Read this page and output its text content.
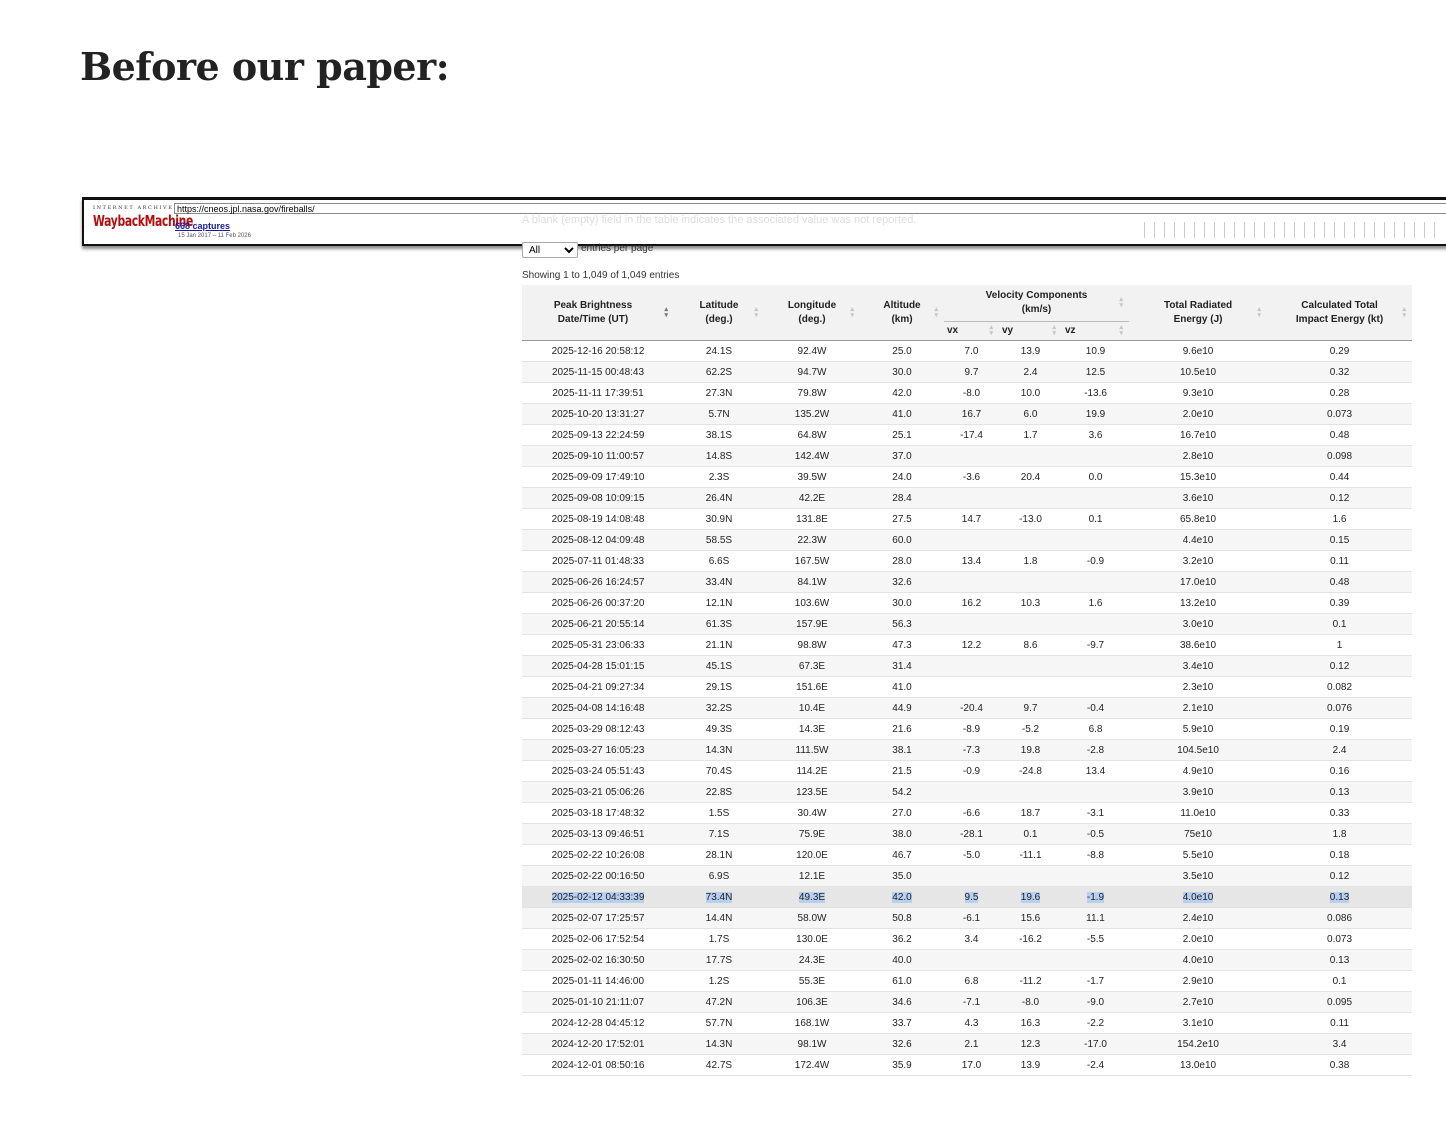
Before our paper:
INTERNET ARCHIVE
WaybackMachine
https://cneos.jpl.nasa.gov/fireballs/
668 captures
15 Jan 2017 – 11 Feb 2026
A blank (empty) field in the table indicates the associated value was not reported.
All
entries per page
Showing 1 to 1,049 of 1,049 entries
Peak Brightness Date/Time (UT) ▴ ▾	Latitude (deg.) ▴ ▾	Longitude (deg.) ▴ ▾	Altitude (km) ▴ ▾	Velocity Components (km/s) ▴ ▾			Total Radiated Energy (J) ▴ ▾	Calculated Total Impact Energy (kt) ▴ ▾
				vx ▴ ▾	vy ▴ ▾	vz ▴ ▾
2025-12-16 20:58:12	24.1S	92.4W	25.0	7.0	13.9	10.9	9.6e10	0.29
2025-11-15 00:48:43	62.2S	94.7W	30.0	9.7	2.4	12.5	10.5e10	0.32
2025-11-11 17:39:51	27.3N	79.8W	42.0	-8.0	10.0	-13.6	9.3e10	0.28
2025-10-20 13:31:27	5.7N	135.2W	41.0	16.7	6.0	19.9	2.0e10	0.073
2025-09-13 22:24:59	38.1S	64.8W	25.1	-17.4	1.7	3.6	16.7e10	0.48
2025-09-10 11:00:57	14.8S	142.4W	37.0				2.8e10	0.098
2025-09-09 17:49:10	2.3S	39.5W	24.0	-3.6	20.4	0.0	15.3e10	0.44
2025-09-08 10:09:15	26.4N	42.2E	28.4				3.6e10	0.12
2025-08-19 14:08:48	30.9N	131.8E	27.5	14.7	-13.0	0.1	65.8e10	1.6
2025-08-12 04:09:48	58.5S	22.3W	60.0				4.4e10	0.15
2025-07-11 01:48:33	6.6S	167.5W	28.0	13.4	1.8	-0.9	3.2e10	0.11
2025-06-26 16:24:57	33.4N	84.1W	32.6				17.0e10	0.48
2025-06-26 00:37:20	12.1N	103.6W	30.0	16.2	10.3	1.6	13.2e10	0.39
2025-06-21 20:55:14	61.3S	157.9E	56.3				3.0e10	0.1
2025-05-31 23:06:33	21.1N	98.8W	47.3	12.2	8.6	-9.7	38.6e10	1
2025-04-28 15:01:15	45.1S	67.3E	31.4				3.4e10	0.12
2025-04-21 09:27:34	29.1S	151.6E	41.0				2.3e10	0.082
2025-04-08 14:16:48	32.2S	10.4E	44.9	-20.4	9.7	-0.4	2.1e10	0.076
2025-03-29 08:12:43	49.3S	14.3E	21.6	-8.9	-5.2	6.8	5.9e10	0.19
2025-03-27 16:05:23	14.3N	111.5W	38.1	-7.3	19.8	-2.8	104.5e10	2.4
2025-03-24 05:51:43	70.4S	114.2E	21.5	-0.9	-24.8	13.4	4.9e10	0.16
2025-03-21 05:06:26	22.8S	123.5E	54.2				3.9e10	0.13
2025-03-18 17:48:32	1.5S	30.4W	27.0	-6.6	18.7	-3.1	11.0e10	0.33
2025-03-13 09:46:51	7.1S	75.9E	38.0	-28.1	0.1	-0.5	75e10	1.8
2025-02-22 10:26:08	28.1N	120.0E	46.7	-5.0	-11.1	-8.8	5.5e10	0.18
2025-02-22 00:16:50	6.9S	12.1E	35.0				3.5e10	0.12
2025-02-12 04:33:39	73.4N	49.3E	42.0	9.5	19.6	-1.9	4.0e10	0.13
2025-02-07 17:25:57	14.4N	58.0W	50.8	-6.1	15.6	11.1	2.4e10	0.086
2025-02-06 17:52:54	1.7S	130.0E	36.2	3.4	-16.2	-5.5	2.0e10	0.073
2025-02-02 16:30:50	17.7S	24.3E	40.0				4.0e10	0.13
2025-01-11 14:46:00	1.2S	55.3E	61.0	6.8	-11.2	-1.7	2.9e10	0.1
2025-01-10 21:11:07	47.2N	106.3E	34.6	-7.1	-8.0	-9.0	2.7e10	0.095
2024-12-28 04:45:12	57.7N	168.1W	33.7	4.3	16.3	-2.2	3.1e10	0.11
2024-12-20 17:52:01	14.3N	98.1W	32.6	2.1	12.3	-17.0	154.2e10	3.4
2024-12-01 08:50:16	42.7S	172.4W	35.9	17.0	13.9	-2.4	13.0e10	0.38
